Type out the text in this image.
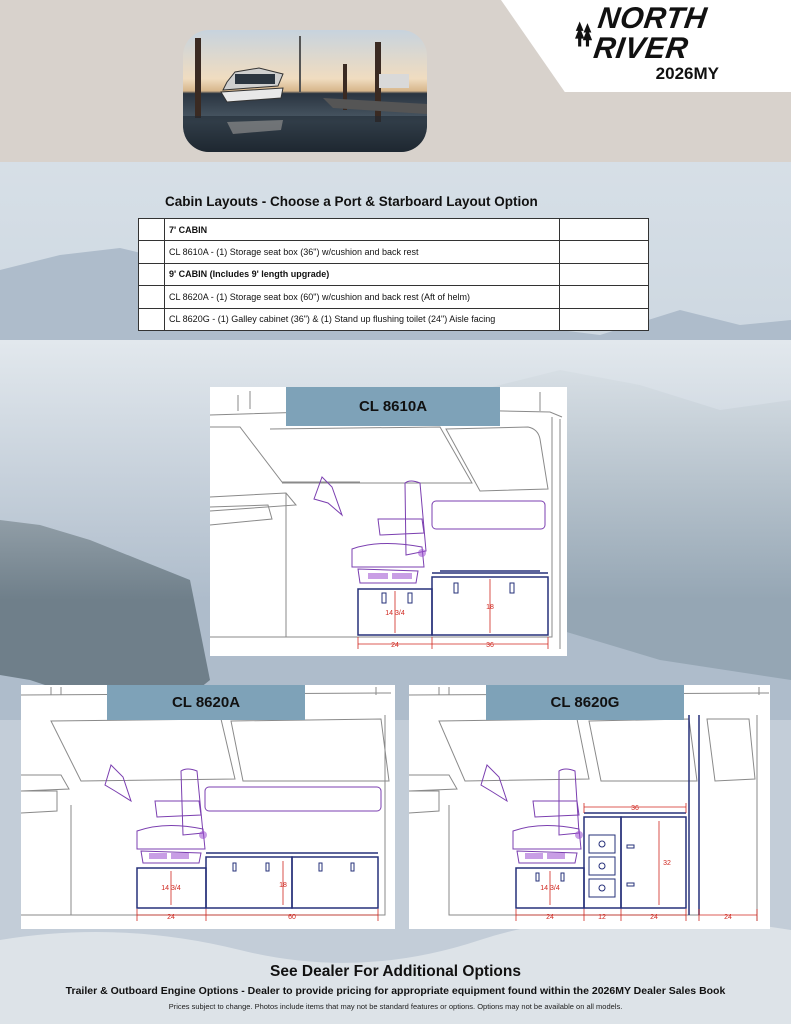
NORTH RIVER
2026MY
Cabin Layouts - Choose a Port & Starboard Layout Option
	7' CABIN	
	CL 8610A - (1) Storage seat box (36") w/cushion and back rest	
	9' CABIN (Includes 9' length upgrade)	
	CL 8620A - (1) Storage seat box (60") w/cushion and back rest (Aft of helm)	
	CL 8620G - (1) Galley cabinet (36") & (1) Stand up flushing toilet (24") Aisle facing	
14 3/4
18
24	36
CL 8610A
14 3/4	18
24	60
CL 8620A
36
32
14 3/4
24	12	24	24
CL 8620G
See Dealer For Additional Options
Trailer & Outboard Engine Options - Dealer to provide pricing for appropriate equipment found within the 2026MY Dealer Sales Book
Prices subject to change. Photos include items that may not be standard features or options. Options may not be available on all models.
